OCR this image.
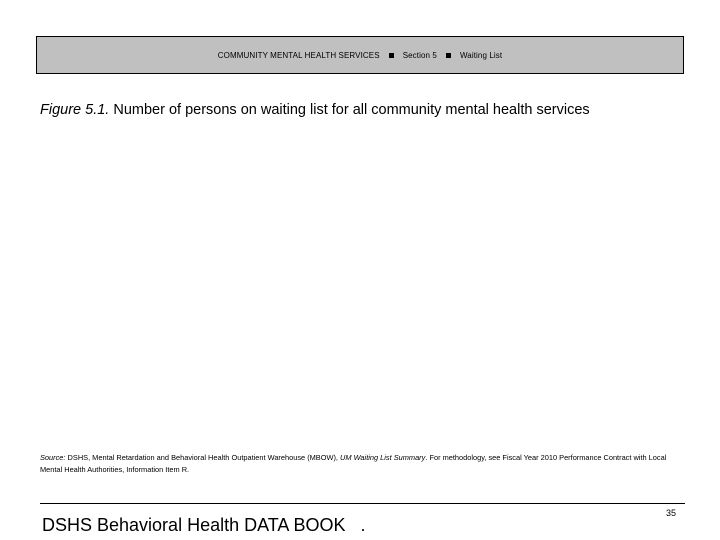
COMMUNITY MENTAL HEALTH SERVICES	Section 5	Waiting List
Figure 5.1. Number of persons on waiting list for all community mental health services
Source: DSHS, Mental Retardation and Behavioral Health Outpatient Warehouse (MBOW), UM Waiting List Summary. For methodology, see Fiscal Year 2010 Performance Contract with Local Mental Health Authorities, Information Item R.
35
DSHS Behavioral Health DATA BOOK .
